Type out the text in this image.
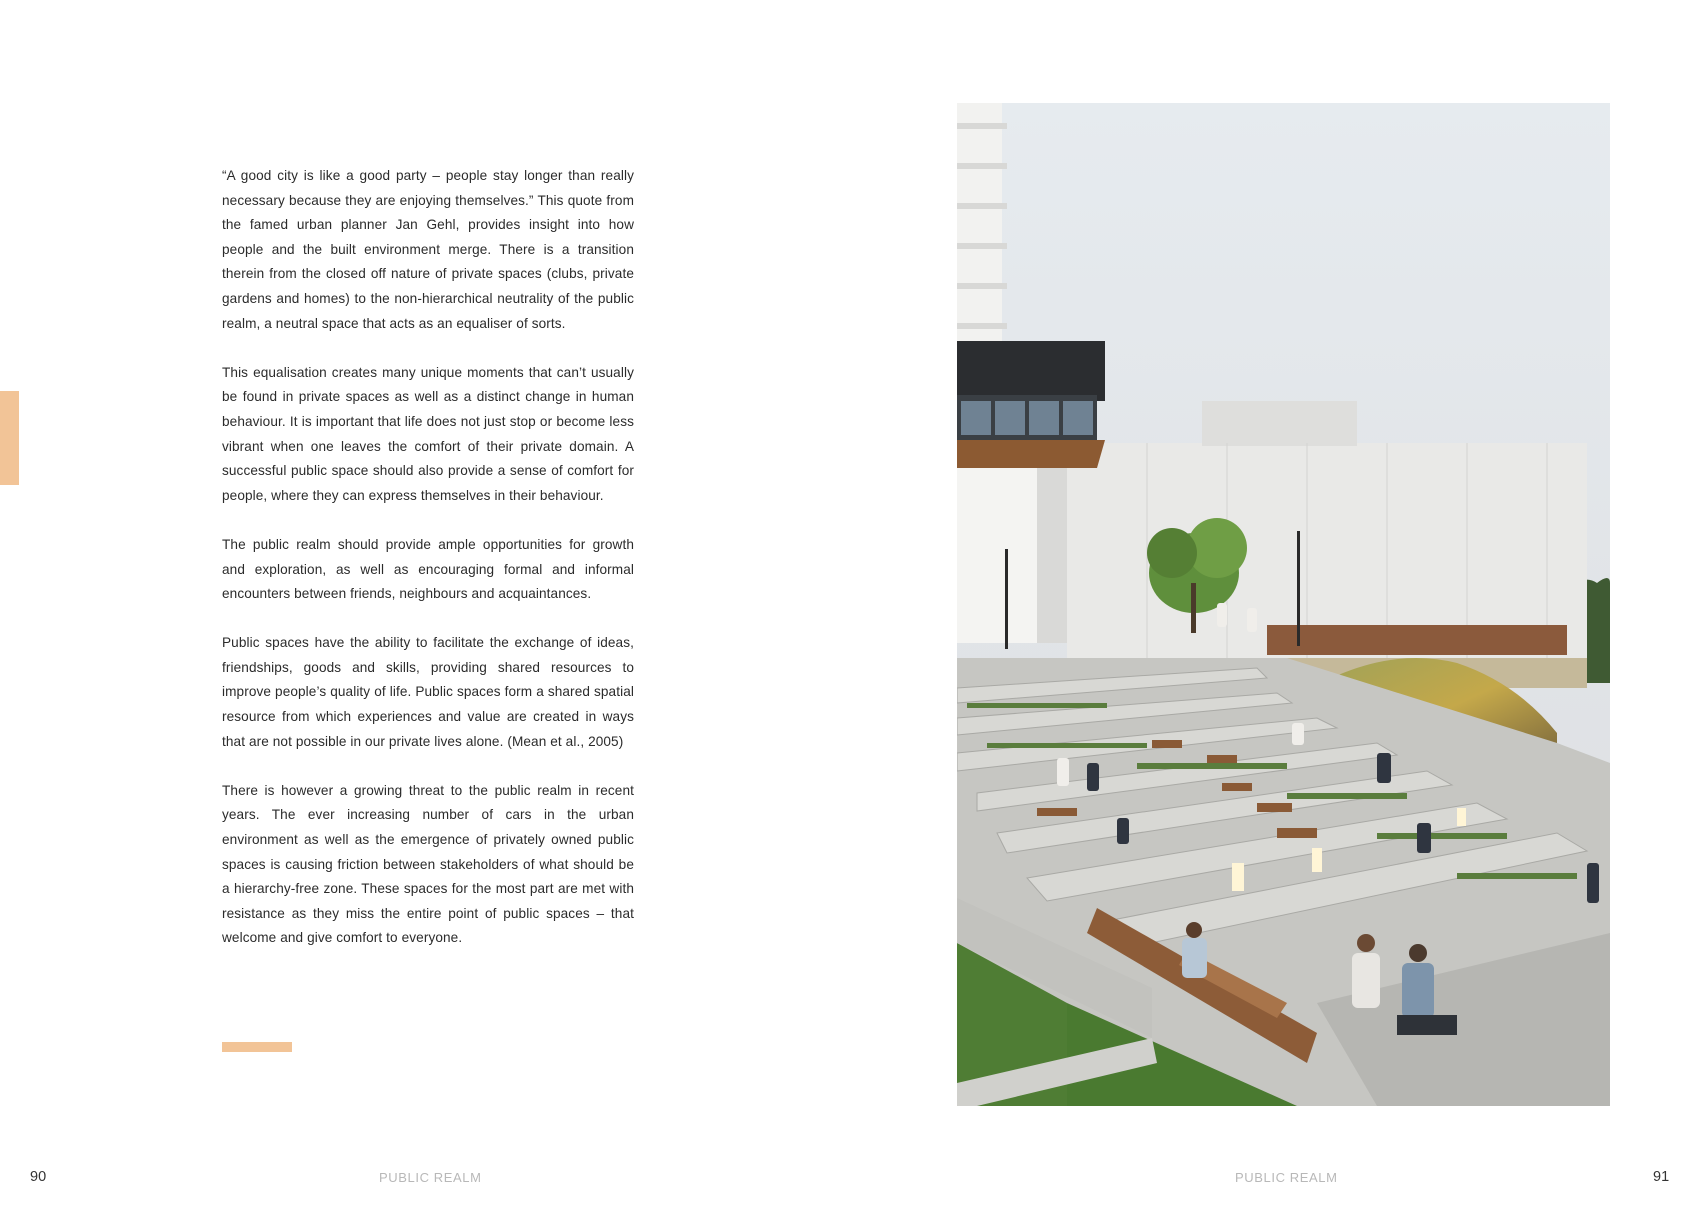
“A good city is like a good party – people stay longer than really necessary because they are enjoying themselves.” This quote from the famed urban planner Jan Gehl, provides insight into how people and the built environment merge. There is a transition therein from the closed off nature of private spaces (clubs, private gardens and homes) to the non-hierarchical neutrality of the public realm, a neutral space that acts as an equaliser of sorts.

This equalisation creates many unique moments that can’t usually be found in private spaces as well as a distinct change in human behaviour. It is important that life does not just stop or become less vibrant when one leaves the comfort of their private domain. A successful public space should also provide a sense of comfort for people, where they can express themselves in their behaviour.

The public realm should provide ample opportunities for growth and exploration, as well as encouraging formal and informal encounters between friends, neighbours and acquaintances.

Public spaces have the ability to facilitate the exchange of ideas, friendships, goods and skills, providing shared resources to improve people’s quality of life. Public spaces form a shared spatial resource from which experiences and value are created in ways that are not possible in our private lives alone. (Mean et al., 2005)

There is however a growing threat to the public realm in recent years. The ever increasing number of cars in the urban environment as well as the emergence of privately owned public spaces is causing friction between stakeholders of what should be a hierarchy-free zone. These spaces for the most part are met with resistance as they miss the entire point of public spaces – that welcome and give comfort to everyone.

90	PUBLIC REALM	PUBLIC REALM	91
